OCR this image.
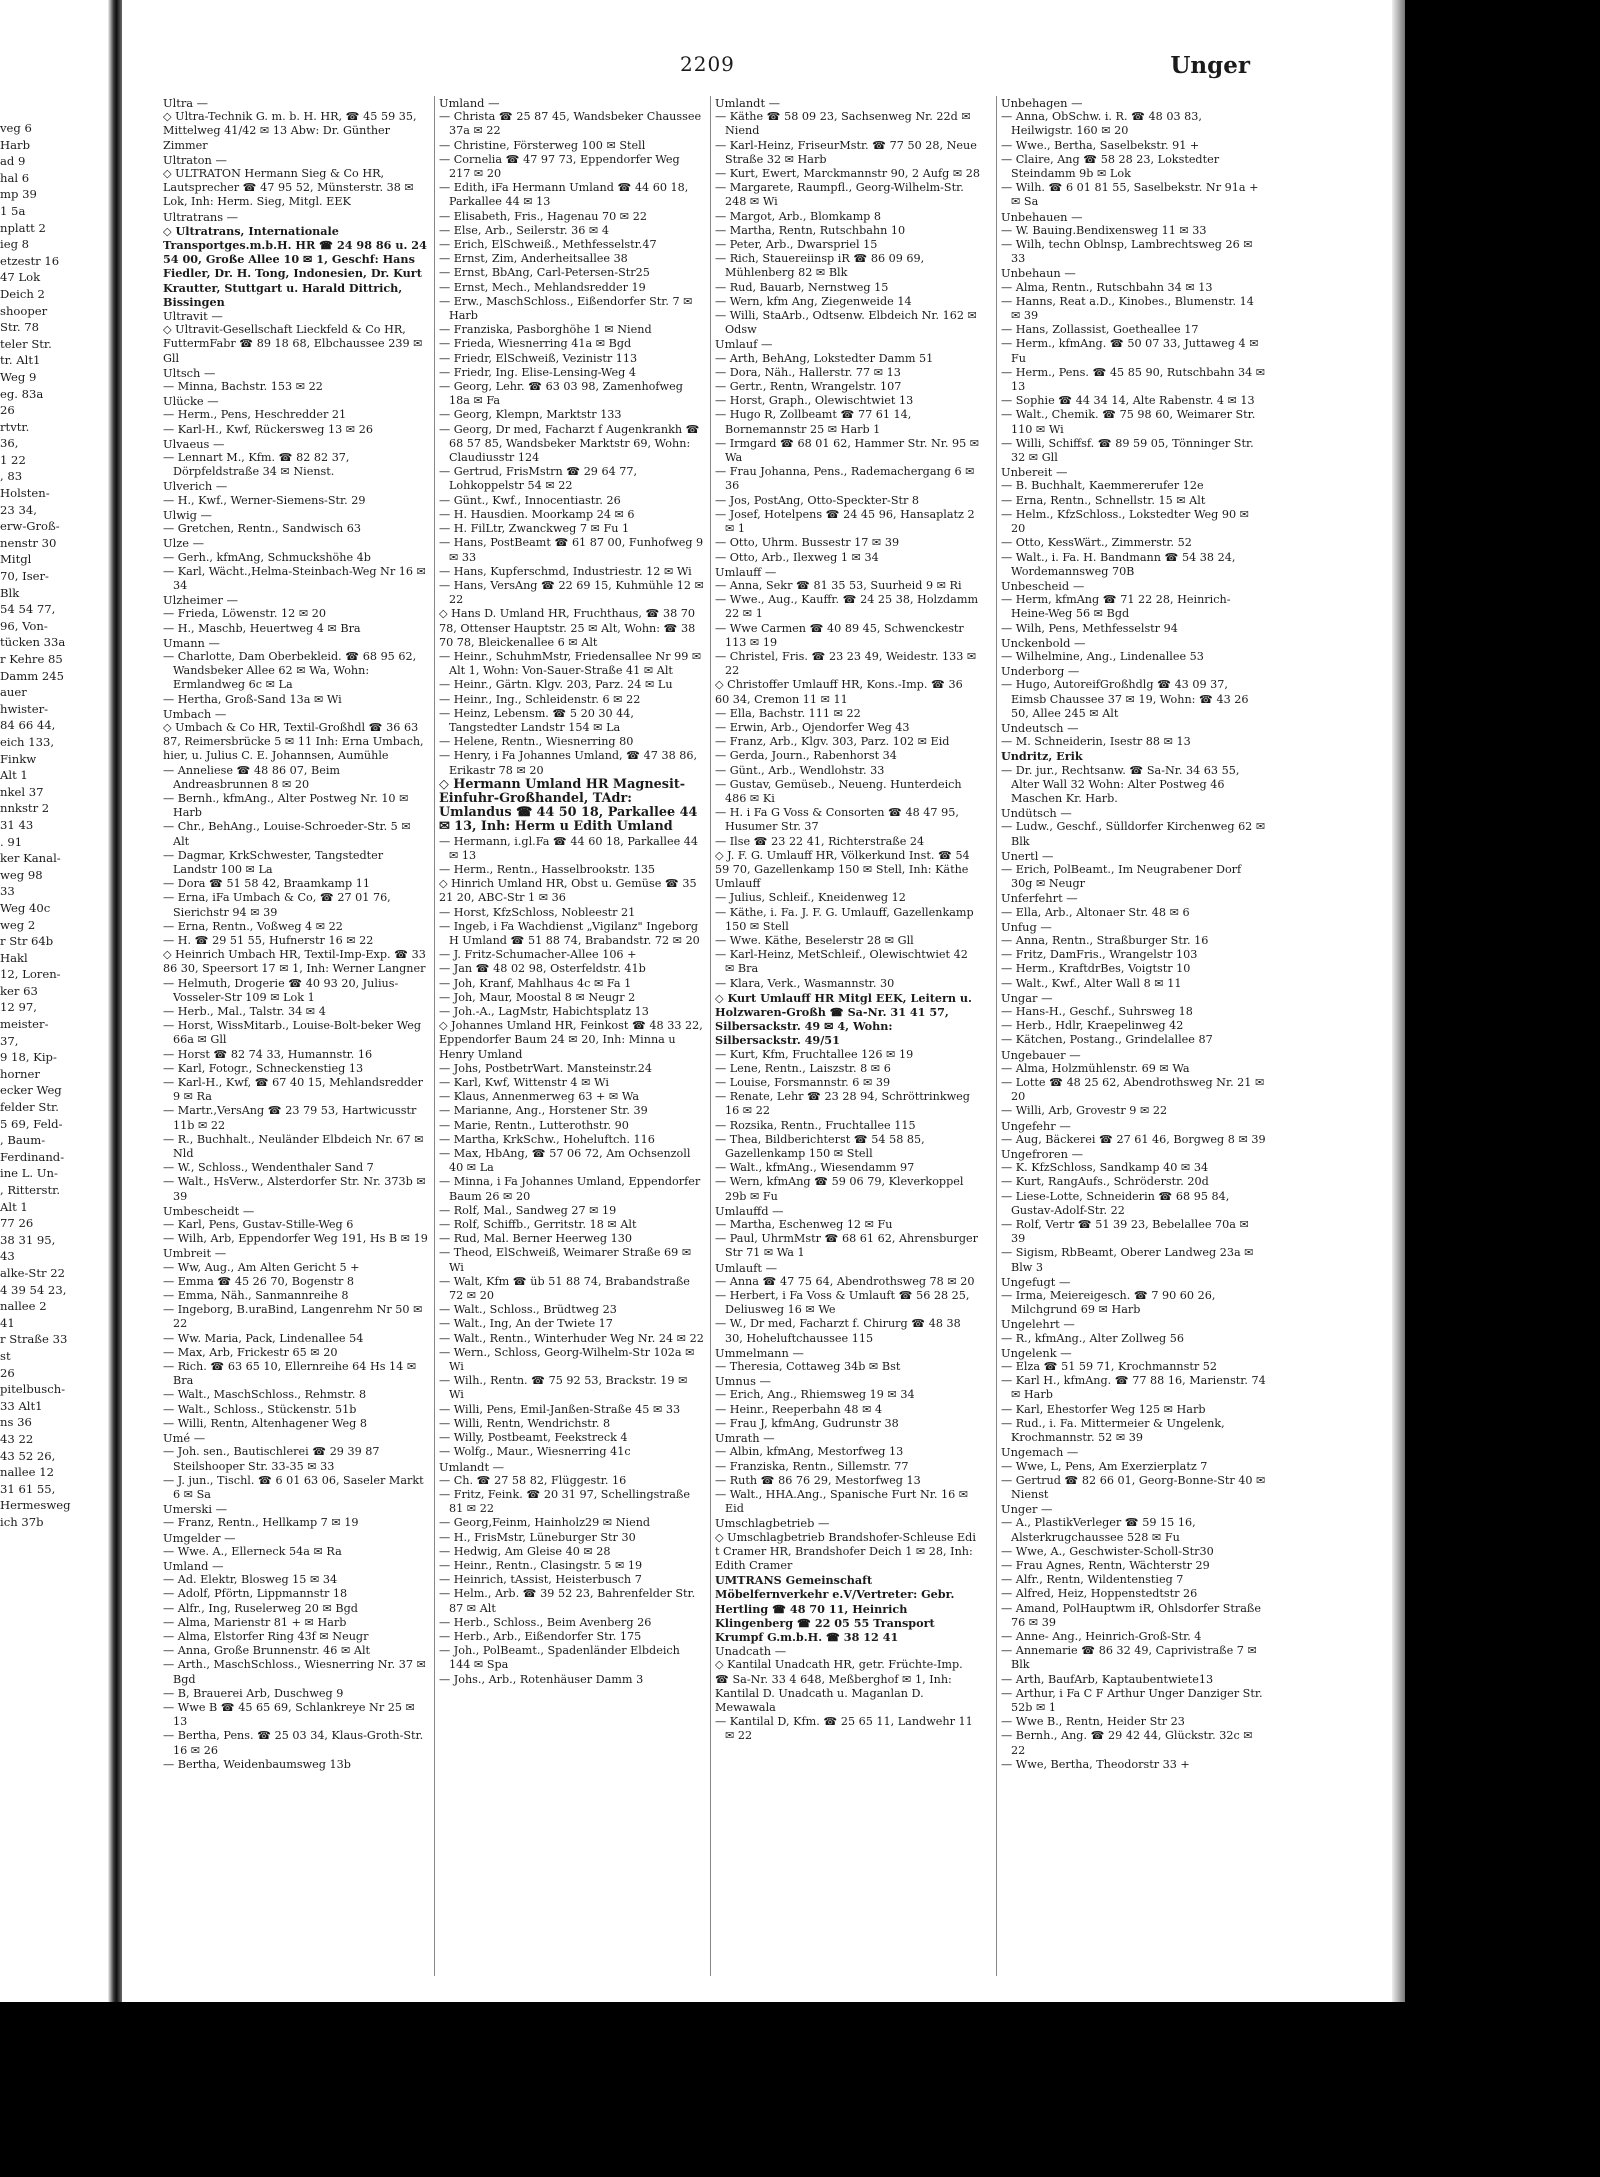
veg 6
Harb
ad 9
hal 6
mp 39
1 5a
nplatt 2
ieg 8
etzestr 16
47 Lok
Deich 2
shooper
Str. 78
teler Str.
tr. Alt1
Weg 9
eg. 83a
26
rtvtr.
36,
1 22
, 83
Holsten-
23 34,
erw-Groß-
nenstr 30
Mitgl
70, Iser-
Blk
54 54 77,
96, Von-
tücken 33a
r Kehre 85
Damm 245
auer
hwister-
84 66 44,
eich 133,
Finkw
Alt 1
nkel 37
nnkstr 2
31 43
. 91
ker Kanal-
weg 98
33
Weg 40c
weg 2
r Str 64b
Hakl
12, Loren-
ker 63
12 97,
meister-
37,
9 18, Kip-
horner
ecker Weg
felder Str.
5 69, Feld-
, Baum-
Ferdinand-
ine L. Un-
, Ritterstr.
Alt 1
77 26
38 31 95,
43
alke-Str 22
4 39 54 23,
nallee 2
41
r Straße 33
st
26
pitelbusch-
33 Alt1
ns 36
43 22
43 52 26,
nallee 12
31 61 55,
Hermesweg
ich 37b
2209	Unger
Ultra —
◇ Ultra-Technik G. m. b. H. HR, ☎ 45 59 35, Mittelweg 41/42 ✉ 13 Abw: Dr. Günther Zimmer
Ultraton —
◇ ULTRATON Hermann Sieg & Co HR, Lautsprecher ☎ 47 95 52, Münsterstr. 38 ✉ Lok, Inh: Herm. Sieg, Mitgl. EEK
Ultratrans —
◇ Ultratrans, Internationale Transportges.m.b.H. HR ☎ 24 98 86 u. 24 54 00, Große Allee 10 ✉ 1, Geschf: Hans Fiedler, Dr. H. Tong, Indonesien, Dr. Kurt Krautter, Stuttgart u. Harald Dittrich, Bissingen
Ultravit —
◇ Ultravit-Gesellschaft Lieckfeld & Co HR, FuttermFabr ☎ 89 18 68, Elbchaussee 239 ✉ Gll
Ultsch —
— Minna, Bachstr. 153 ✉ 22
Ulücke —
— Herm., Pens, Heschredder 21
— Karl-H., Kwf, Rückersweg 13 ✉ 26
Ulvaeus —
— Lennart M., Kfm. ☎ 82 82 37, Dörpfeldstraße 34 ✉ Nienst.
Ulverich —
— H., Kwf., Werner-Siemens-Str. 29
Ulwig —
— Gretchen, Rentn., Sandwisch 63
Ulze —
— Gerh., kfmAng, Schmuckshöhe 4b
— Karl, Wächt.,Helma-Steinbach-Weg Nr 16 ✉ 34
Ulzheimer —
— Frieda, Löwenstr. 12 ✉ 20
— H., Maschb, Heuertweg 4 ✉ Bra
Umann —
— Charlotte, Dam Oberbekleid. ☎ 68 95 62, Wandsbeker Allee 62 ✉ Wa, Wohn: Ermlandweg 6c ✉ La
— Hertha, Groß-Sand 13a ✉ Wi
Umbach —
◇ Umbach & Co HR, Textil-Großhdl ☎ 36 63 87, Reimersbrücke 5 ✉ 11 Inh: Erna Umbach, hier, u. Julius C. E. Johannsen, Aumühle
— Anneliese ☎ 48 86 07, Beim Andreasbrunnen 8 ✉ 20
— Bernh., kfmAng., Alter Postweg Nr. 10 ✉ Harb
— Chr., BehAng., Louise-Schroeder-Str. 5 ✉ Alt
— Dagmar, KrkSchwester, Tangstedter Landstr 100 ✉ La
— Dora ☎ 51 58 42, Braamkamp 11
— Erna, iFa Umbach & Co, ☎ 27 01 76, Sierichstr 94 ✉ 39
— Erna, Rentn., Voßweg 4 ✉ 22
— H. ☎ 29 51 55, Hufnerstr 16 ✉ 22
◇ Heinrich Umbach HR, Textil-Imp-Exp. ☎ 33 86 30, Speersort 17 ✉ 1, Inh: Werner Langner
— Helmuth, Drogerie ☎ 40 93 20, Julius-Vosseler-Str 109 ✉ Lok 1
— Herb., Mal., Talstr. 34 ✉ 4
— Horst, WissMitarb., Louise-Bolt-beker Weg 66a ✉ Gll
— Horst ☎ 82 74 33, Humannstr. 16
— Karl, Fotogr., Schneckenstieg 13
— Karl-H., Kwf, ☎ 67 40 15, Mehlandsredder 9 ✉ Ra
— Martr.,VersAng ☎ 23 79 53, Hartwicusstr 11b ✉ 22
— R., Buchhalt., Neuländer Elbdeich Nr. 67 ✉ Nld
— W., Schloss., Wendenthaler Sand 7
— Walt., HsVerw., Alsterdorfer Str. Nr. 373b ✉ 39
Umbescheidt —
— Karl, Pens, Gustav-Stille-Weg 6
— Wilh, Arb, Eppendorfer Weg 191, Hs B ✉ 19
Umbreit —
— Ww, Aug., Am Alten Gericht 5 +
— Emma ☎ 45 26 70, Bogenstr 8
— Emma, Näh., Sanmannreihe 8
— Ingeborg, B.uraBind, Langenrehm Nr 50 ✉ 22
— Ww. Maria, Pack, Lindenallee 54
— Max, Arb, Frickestr 65 ✉ 20
— Rich. ☎ 63 65 10, Ellernreihe 64 Hs 14 ✉ Bra
— Walt., MaschSchloss., Rehmstr. 8
— Walt., Schloss., Stückenstr. 51b
— Willi, Rentn, Altenhagener Weg 8
Umé —
— Joh. sen., Bautischlerei ☎ 29 39 87 Steilshooper Str. 33-35 ✉ 33
— J. jun., Tischl. ☎ 6 01 63 06, Saseler Markt 6 ✉ Sa
Umerski —
— Franz, Rentn., Hellkamp 7 ✉ 19
Umgelder —
— Wwe. A., Ellerneck 54a ✉ Ra
Umland —
— Ad. Elektr, Blosweg 15 ✉ 34
— Adolf, Pförtn, Lippmannstr 18
— Alfr., Ing, Ruselerweg 20 ✉ Bgd
— Alma, Marienstr 81 + ✉ Harb
— Alma, Elstorfer Ring 43f ✉ Neugr
— Anna, Große Brunnenstr. 46 ✉ Alt
— Arth., MaschSchloss., Wiesnerring Nr. 37 ✉ Bgd
— B, Brauerei Arb, Duschweg 9
— Wwe B ☎ 45 65 69, Schlankreye Nr 25 ✉ 13
— Bertha, Pens. ☎ 25 03 34, Klaus-Groth-Str. 16 ✉ 26
— Bertha, Weidenbaumsweg 13b
Umland —
— Christa ☎ 25 87 45, Wandsbeker Chaussee 37a ✉ 22
— Christine, Försterweg 100 ✉ Stell
— Cornelia ☎ 47 97 73, Eppendorfer Weg 217 ✉ 20
— Edith, iFa Hermann Umland ☎ 44 60 18, Parkallee 44 ✉ 13
— Elisabeth, Fris., Hagenau 70 ✉ 22
— Else, Arb., Seilerstr. 36 ✉ 4
— Erich, ElSchweiß., Methfesselstr.47
— Ernst, Zim, Anderheitsallee 38
— Ernst, BbAng, Carl-Petersen-Str25
— Ernst, Mech., Mehlandsredder 19
— Erw., MaschSchloss., Eißendorfer Str. 7 ✉ Harb
— Franziska, Pasborghöhe 1 ✉ Niend
— Frieda, Wiesnerring 41a ✉ Bgd
— Friedr, ElSchweiß, Vezinistr 113
— Friedr, Ing. Elise-Lensing-Weg 4
— Georg, Lehr. ☎ 63 03 98, Zamenhofweg 18a ✉ Fa
— Georg, Klempn, Marktstr 133
— Georg, Dr med, Facharzt f Augenkrankh ☎ 68 57 85, Wandsbeker Marktstr 69, Wohn: Claudiusstr 124
— Gertrud, FrisMstrn ☎ 29 64 77, Lohkoppelstr 54 ✉ 22
— Günt., Kwf., Innocentiastr. 26
— H. Hausdien. Moorkamp 24 ✉ 6
— H. FilLtr, Zwanckweg 7 ✉ Fu 1
— Hans, PostBeamt ☎ 61 87 00, Funhofweg 9 ✉ 33
— Hans, Kupferschmd, Industriestr. 12 ✉ Wi
— Hans, VersAng ☎ 22 69 15, Kuhmühle 12 ✉ 22
◇ Hans D. Umland HR, Fruchthaus, ☎ 38 70 78, Ottenser Hauptstr. 25 ✉ Alt, Wohn: ☎ 38 70 78, Bleickenallee 6 ✉ Alt
— Heinr., SchuhmMstr, Friedensallee Nr 99 ✉ Alt 1, Wohn: Von-Sauer-Straße 41 ✉ Alt
— Heinr., Gärtn. Klgv. 203, Parz. 24 ✉ Lu
— Heinr., Ing., Schleidenstr. 6 ✉ 22
— Heinz, Lebensm. ☎ 5 20 30 44, Tangstedter Landstr 154 ✉ La
— Helene, Rentn., Wiesnerring 80
— Henry, i Fa Johannes Umland, ☎ 47 38 86, Erikastr 78 ✉ 20
◇ Hermann Umland HR Magnesit-Einfuhr-Großhandel, TAdr: Umlandus ☎ 44 50 18, Parkallee 44 ✉ 13, Inh: Herm u Edith Umland
— Hermann, i.gl.Fa ☎ 44 60 18, Parkallee 44 ✉ 13
— Herm., Rentn., Hasselbrookstr. 135
◇ Hinrich Umland HR, Obst u. Gemüse ☎ 35 21 20, ABC-Str 1 ✉ 36
— Horst, KfzSchloss, Nobleestr 21
— Ingeb, i Fa Wachdienst „Vigilanz" Ingeborg H Umland ☎ 51 88 74, Brabandstr. 72 ✉ 20
— J. Fritz-Schumacher-Allee 106 +
— Jan ☎ 48 02 98, Osterfeldstr. 41b
— Joh, Kranf, Mahlhaus 4c ✉ Fa 1
— Joh, Maur, Moostal 8 ✉ Neugr 2
— Joh.-A., LagMstr, Habichtsplatz 13
◇ Johannes Umland HR, Feinkost ☎ 48 33 22, Eppendorfer Baum 24 ✉ 20, Inh: Minna u Henry Umland
— Johs, PostbetrWart. Mansteinstr.24
— Karl, Kwf, Wittenstr 4 ✉ Wi
— Klaus, Annenmerweg 63 + ✉ Wa
— Marianne, Ang., Horstener Str. 39
— Marie, Rentn., Lutterothstr. 90
— Martha, KrkSchw., Hoheluftch. 116
— Max, HbAng, ☎ 57 06 72, Am Ochsenzoll 40 ✉ La
— Minna, i Fa Johannes Umland, Eppendorfer Baum 26 ✉ 20
— Rolf, Mal., Sandweg 27 ✉ 19
— Rolf, Schiffb., Gerritstr. 18 ✉ Alt
— Rud, Mal. Berner Heerweg 130
— Theod, ElSchweiß, Weimarer Straße 69 ✉ Wi
— Walt, Kfm ☎ üb 51 88 74, Brabandstraße 72 ✉ 20
— Walt., Schloss., Brüdtweg 23
— Walt., Ing, An der Twiete 17
— Walt., Rentn., Winterhuder Weg Nr. 24 ✉ 22
— Wern., Schloss, Georg-Wilhelm-Str 102a ✉ Wi
— Wilh., Rentn. ☎ 75 92 53, Brackstr. 19 ✉ Wi
— Willi, Pens, Emil-Janßen-Straße 45 ✉ 33
— Willi, Rentn, Wendrichstr. 8
— Willy, Postbeamt, Feekstreck 4
— Wolfg., Maur., Wiesnerring 41c
Umlandt —
— Ch. ☎ 27 58 82, Flüggestr. 16
— Fritz, Feink. ☎ 20 31 97, Schellingstraße 81 ✉ 22
— Georg,Feinm, Hainholz29 ✉ Niend
— H., FrisMstr, Lüneburger Str 30
— Hedwig, Am Gleise 40 ✉ 28
— Heinr., Rentn., Clasingstr. 5 ✉ 19
— Heinrich, tAssist, Heisterbusch 7
— Helm., Arb. ☎ 39 52 23, Bahrenfelder Str. 87 ✉ Alt
— Herb., Schloss., Beim Avenberg 26
— Herb., Arb., Eißendorfer Str. 175
— Joh., PolBeamt., Spadenländer Elbdeich 144 ✉ Spa
— Johs., Arb., Rotenhäuser Damm 3
Umlandt —
— Käthe ☎ 58 09 23, Sachsenweg Nr. 22d ✉ Niend
— Karl-Heinz, FriseurMstr. ☎ 77 50 28, Neue Straße 32 ✉ Harb
— Kurt, Ewert, Marckmannstr 90, 2 Aufg ✉ 28
— Margarete, Raumpfl., Georg-Wilhelm-Str. 248 ✉ Wi
— Margot, Arb., Blomkamp 8
— Martha, Rentn, Rutschbahn 10
— Peter, Arb., Dwarspriel 15
— Rich, Stauereiinsp iR ☎ 86 09 69, Mühlenberg 82 ✉ Blk
— Rud, Bauarb, Nernstweg 15
— Wern, kfm Ang, Ziegenweide 14
— Willi, StaArb., Odtsenw. Elbdeich Nr. 162 ✉ Odsw
Umlauf —
— Arth, BehAng, Lokstedter Damm 51
— Dora, Näh., Hallerstr. 77 ✉ 13
— Gertr., Rentn, Wrangelstr. 107
— Horst, Graph., Olewischtwiet 13
— Hugo R, Zollbeamt ☎ 77 61 14, Bornemannstr 25 ✉ Harb 1
— Irmgard ☎ 68 01 62, Hammer Str. Nr. 95 ✉ Wa
— Frau Johanna, Pens., Rademachergang 6 ✉ 36
— Jos, PostAng, Otto-Speckter-Str 8
— Josef, Hotelpens ☎ 24 45 96, Hansaplatz 2 ✉ 1
— Otto, Uhrm. Bussestr 17 ✉ 39
— Otto, Arb., Ilexweg 1 ✉ 34
Umlauff —
— Anna, Sekr ☎ 81 35 53, Suurheid 9 ✉ Ri
— Wwe., Aug., Kauffr. ☎ 24 25 38, Holzdamm 22 ✉ 1
— Wwe Carmen ☎ 40 89 45, Schwenckestr 113 ✉ 19
— Christel, Fris. ☎ 23 23 49, Weidestr. 133 ✉ 22
◇ Christoffer Umlauff HR, Kons.-Imp. ☎ 36 60 34, Cremon 11 ✉ 11
— Ella, Bachstr. 111 ✉ 22
— Erwin, Arb., Ojendorfer Weg 43
— Franz, Arb., Klgv. 303, Parz. 102 ✉ Eid
— Gerda, Journ., Rabenhorst 34
— Günt., Arb., Wendlohstr. 33
— Gustav, Gemüseb., Neueng. Hunterdeich 486 ✉ Ki
— H. i Fa G Voss & Consorten ☎ 48 47 95, Husumer Str. 37
— Ilse ☎ 23 22 41, Richterstraße 24
◇ J. F. G. Umlauff HR, Völkerkund Inst. ☎ 54 59 70, Gazellenkamp 150 ✉ Stell, Inh: Käthe Umlauff
— Julius, Schleif., Kneidenweg 12
— Käthe, i. Fa. J. F. G. Umlauff, Gazellenkamp 150 ✉ Stell
— Wwe. Käthe, Beselerstr 28 ✉ Gll
— Karl-Heinz, MetSchleif., Olewischtwiet 42 ✉ Bra
— Klara, Verk., Wasmannstr. 30
◇ Kurt Umlauff HR Mitgl EEK, Leitern u. Holzwaren-Großh ☎ Sa-Nr. 31 41 57, Silbersackstr. 49 ✉ 4, Wohn: Silbersackstr. 49/51
— Kurt, Kfm, Fruchtallee 126 ✉ 19
— Lene, Rentn., Laiszstr. 8 ✉ 6
— Louise, Forsmannstr. 6 ✉ 39
— Renate, Lehr ☎ 23 28 94, Schröttrinkweg 16 ✉ 22
— Rozsika, Rentn., Fruchtallee 115
— Thea, Bildberichterst ☎ 54 58 85, Gazellenkamp 150 ✉ Stell
— Walt., kfmAng., Wiesendamm 97
— Wern, kfmAng ☎ 59 06 79, Kleverkoppel 29b ✉ Fu
Umlauffd —
— Martha, Eschenweg 12 ✉ Fu
— Paul, UhrmMstr ☎ 68 61 62, Ahrensburger Str 71 ✉ Wa 1
Umlauft —
— Anna ☎ 47 75 64, Abendrothsweg 78 ✉ 20
— Herbert, i Fa Voss & Umlauft ☎ 56 28 25, Deliusweg 16 ✉ We
— W., Dr med, Facharzt f. Chirurg ☎ 48 38 30, Hoheluftchaussee 115
Ummelmann —
— Theresia, Cottaweg 34b ✉ Bst
Umnus —
— Erich, Ang., Rhiemsweg 19 ✉ 34
— Heinr., Reeperbahn 48 ✉ 4
— Frau J, kfmAng, Gudrunstr 38
Umrath —
— Albin, kfmAng, Mestorfweg 13
— Franziska, Rentn., Sillemstr. 77
— Ruth ☎ 86 76 29, Mestorfweg 13
— Walt., HHA.Ang., Spanische Furt Nr. 16 ✉ Eid
Umschlagbetrieb —
◇ Umschlagbetrieb Brandshofer-Schleuse Edi t Cramer HR, Brandshofer Deich 1 ✉ 28, Inh: Edith Cramer
UMTRANS Gemeinschaft Möbelfernverkehr e.V/Vertreter: Gebr. Hertling ☎ 48 70 11, Heinrich Klingenberg ☎ 22 05 55 Transport Krumpf G.m.b.H. ☎ 38 12 41
Unadcath —
◇ Kantilal Unadcath HR, getr. Früchte-Imp. ☎ Sa-Nr. 33 4 648, Meßberghof ✉ 1, Inh: Kantilal D. Unadcath u. Maganlan D. Mewawala
— Kantilal D, Kfm. ☎ 25 65 11, Landwehr 11 ✉ 22
Unbehagen —
— Anna, ObSchw. i. R. ☎ 48 03 83, Heilwigstr. 160 ✉ 20
— Wwe., Bertha, Saselbekstr. 91 +
— Claire, Ang ☎ 58 28 23, Lokstedter Steindamm 9b ✉ Lok
— Wilh. ☎ 6 01 81 55, Saselbekstr. Nr 91a + ✉ Sa
Unbehauen —
— W. Bauing.Bendixensweg 11 ✉ 33
— Wilh, techn Oblnsp, Lambrechtsweg 26 ✉ 33
Unbehaun —
— Alma, Rentn., Rutschbahn 34 ✉ 13
— Hanns, Reat a.D., Kinobes., Blumenstr. 14 ✉ 39
— Hans, Zollassist, Goetheallee 17
— Herm., kfmAng. ☎ 50 07 33, Juttaweg 4 ✉ Fu
— Herm., Pens. ☎ 45 85 90, Rutschbahn 34 ✉ 13
— Sophie ☎ 44 34 14, Alte Rabenstr. 4 ✉ 13
— Walt., Chemik. ☎ 75 98 60, Weimarer Str. 110 ✉ Wi
— Willi, Schiffsf. ☎ 89 59 05, Tönninger Str. 32 ✉ Gll
Unbereit —
— B. Buchhalt, Kaemmererufer 12e
— Erna, Rentn., Schnellstr. 15 ✉ Alt
— Helm., KfzSchloss., Lokstedter Weg 90 ✉ 20
— Otto, KessWärt., Zimmerstr. 52
— Walt., i. Fa. H. Bandmann ☎ 54 38 24, Wordemannsweg 70B
Unbescheid —
— Herm, kfmAng ☎ 71 22 28, Heinrich-Heine-Weg 56 ✉ Bgd
— Wilh, Pens, Methfesselstr 94
Unckenbold —
— Wilhelmine, Ang., Lindenallee 53
Underborg —
— Hugo, AutoreifGroßhdlg ☎ 43 09 37, Eimsb Chaussee 37 ✉ 19, Wohn: ☎ 43 26 50, Allee 245 ✉ Alt
Undeutsch —
— M. Schneiderin, Isestr 88 ✉ 13
Undritz, Erik
— Dr. jur., Rechtsanw. ☎ Sa-Nr. 34 63 55, Alter Wall 32 Wohn: Alter Postweg 46 Maschen Kr. Harb.
Undütsch —
— Ludw., Geschf., Sülldorfer Kirchenweg 62 ✉ Blk
Unertl —
— Erich, PolBeamt., Im Neugrabener Dorf 30g ✉ Neugr
Unferfehrt —
— Ella, Arb., Altonaer Str. 48 ✉ 6
Unfug —
— Anna, Rentn., Straßburger Str. 16
— Fritz, DamFris., Wrangelstr 103
— Herm., KraftdrBes, Voigtstr 10
— Walt., Kwf., Alter Wall 8 ✉ 11
Ungar —
— Hans-H., Geschf., Suhrsweg 18
— Herb., Hdlr, Kraepelinweg 42
— Kätchen, Postang., Grindelallee 87
Ungebauer —
— Alma, Holzmühlenstr. 69 ✉ Wa
— Lotte ☎ 48 25 62, Abendrothsweg Nr. 21 ✉ 20
— Willi, Arb, Grovestr 9 ✉ 22
Ungefehr —
— Aug, Bäckerei ☎ 27 61 46, Borgweg 8 ✉ 39
Ungefroren —
— K. KfzSchloss, Sandkamp 40 ✉ 34
— Kurt, RangAufs., Schröderstr. 20d
— Liese-Lotte, Schneiderin ☎ 68 95 84, Gustav-Adolf-Str. 22
— Rolf, Vertr ☎ 51 39 23, Bebelallee 70a ✉ 39
— Sigism, RbBeamt, Oberer Landweg 23a ✉ Blw 3
Ungefugt —
— Irma, Meiereigesch. ☎ 7 90 60 26, Milchgrund 69 ✉ Harb
Ungelehrt —
— R., kfmAng., Alter Zollweg 56
Ungelenk —
— Elza ☎ 51 59 71, Krochmannstr 52
— Karl H., kfmAng. ☎ 77 88 16, Marienstr. 74 ✉ Harb
— Karl, Ehestorfer Weg 125 ✉ Harb
— Rud., i. Fa. Mittermeier & Ungelenk, Krochmannstr. 52 ✉ 39
Ungemach —
— Wwe, L, Pens, Am Exerzierplatz 7
— Gertrud ☎ 82 66 01, Georg-Bonne-Str 40 ✉ Nienst
Unger —
— A., PlastikVerleger ☎ 59 15 16, Alsterkrugchaussee 528 ✉ Fu
— Wwe, A., Geschwister-Scholl-Str30
— Frau Agnes, Rentn, Wächterstr 29
— Alfr., Rentn, Wildentenstieg 7
— Alfred, Heiz, Hoppenstedtstr 26
— Amand, PolHauptwm iR, Ohlsdorfer Straße 76 ✉ 39
— Anne- Ang., Heinrich-Groß-Str. 4
— Annemarie ☎ 86 32 49, Caprivistraße 7 ✉ Blk
— Arth, BaufArb, Kaptaubentwiete13
— Arthur, i Fa C F Arthur Unger Danziger Str. 52b ✉ 1
— Wwe B., Rentn, Heider Str 23
— Bernh., Ang. ☎ 29 42 44, Glückstr. 32c ✉ 22
— Wwe, Bertha, Theodorstr 33 +
